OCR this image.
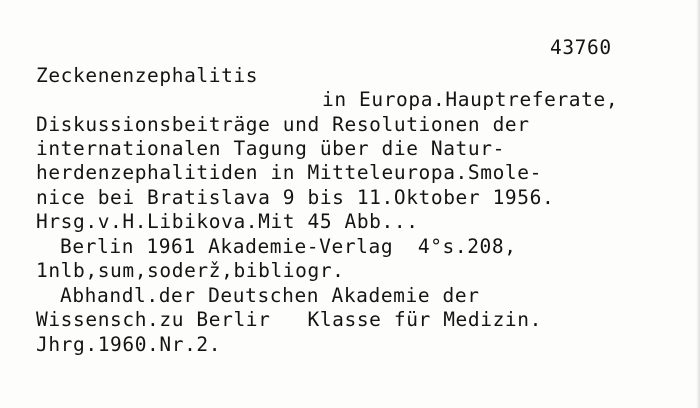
43760
Zeckenenzephalitis
in Europa.Hauptreferate,
Diskussionsbeiträge und Resolutionen der
internationalen Tagung über die Natur-
herdenzephalitiden in Mitteleuropa.Smole-
nice bei Bratislava 9 bis 11.Oktober 1956.
Hrsg.v.H.Libikova.Mit 45 Abb...
Berlin 1961 Akademie-Verlag  4°s.208,
1nlb,sum,soderž,bibliogr.
Abhandl.der Deutschen Akademie der
Wissensch.zu Berlir   Klasse für Medizin.
Jhrg.1960.Nr.2.
